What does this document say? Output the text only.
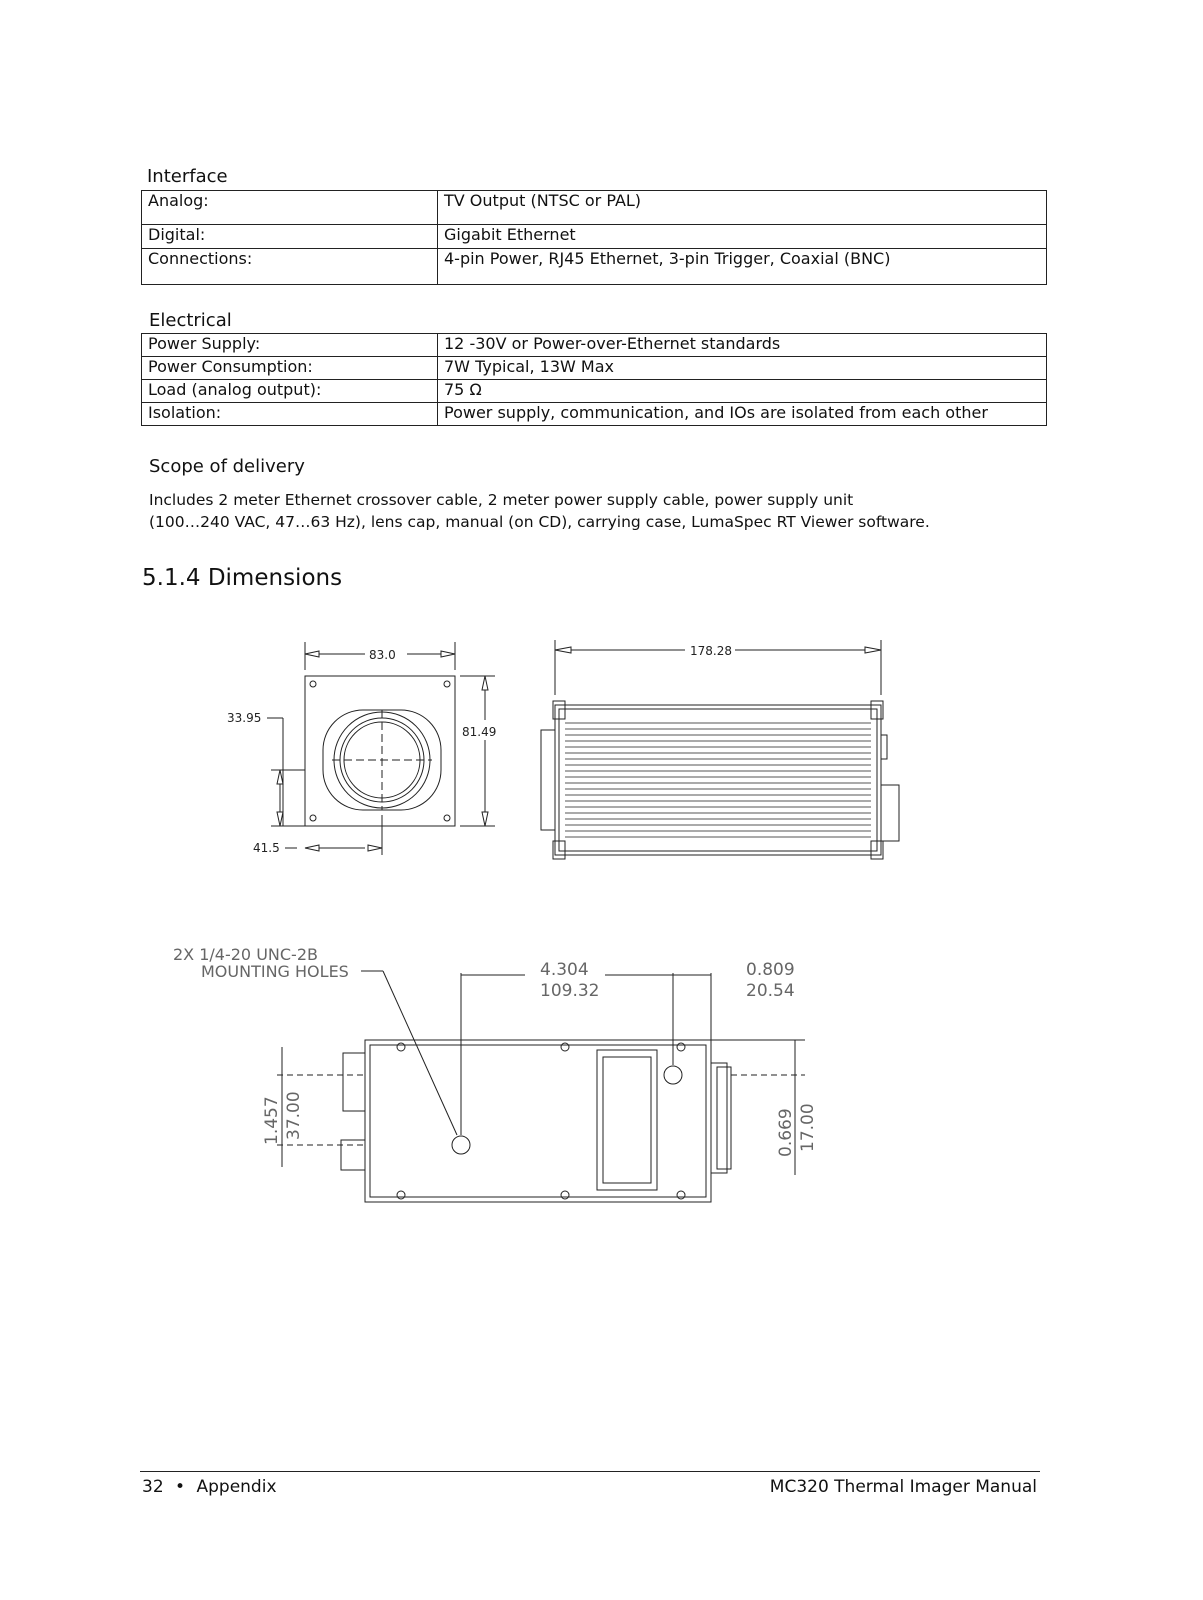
Interface
Analog:	TV Output (NTSC or PAL)
Digital:	Gigabit Ethernet
Connections:	4-pin Power, RJ45 Ethernet, 3-pin Trigger, Coaxial (BNC)
Electrical
Power Supply:	12 -30V or Power-over-Ethernet standards
Power Consumption:	7W Typical, 13W Max
Load (analog output):	75 Ω
Isolation:	Power supply, communication, and IOs are isolated from each other
Scope of delivery
Includes 2 meter Ethernet crossover cable, 2 meter power supply cable, power supply unit
(100…240 VAC, 47…63 Hz), lens cap, manual (on CD), carrying case, LumaSpec RT Viewer software.
5.1.4 Dimensions
83.0
81.49
33.95
41.5
178.28
2X 1/4-20 UNC-2B
MOUNTING HOLES	4.304
109.32
0.809
20.54
1.457 37.00	0.669 17.00
32 • Appendix	MC320 Thermal Imager Manual
